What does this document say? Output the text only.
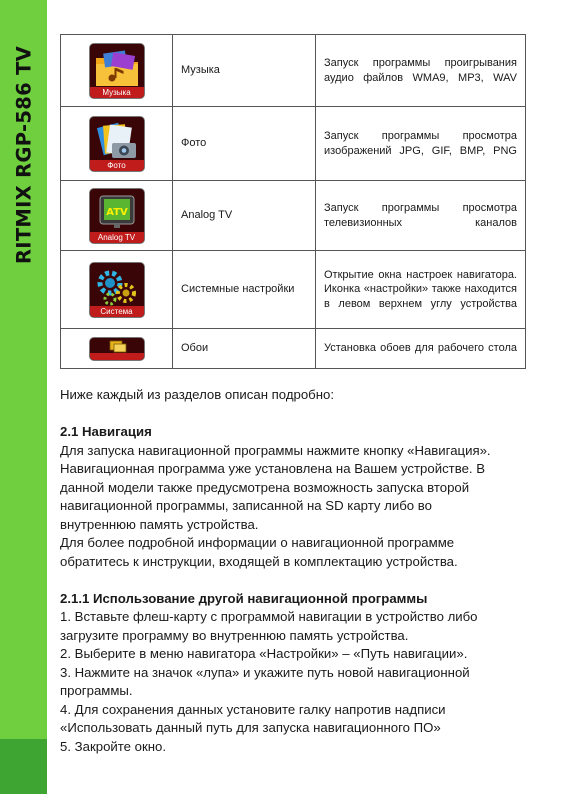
RITMIX RGP-586 TV	Музыка	Музыка	Запуск программы проигрывания аудио файлов WMA9, MP3, WAV

Фото	Фото	Запуск программы просмотра изображений JPG, GIF, BMP, PNG

ATV
Analog TV	Analog TV	Запуск программы просмотра телевизионных каналов

Система	Системные настройки	Открытие окна настроек навигатора. Иконка «настройки» также находится в левом верхнем углу устройства

	Обои	Установка обоев для рабочего стола

Ниже каждый из разделов описан подробно:

2.1 Навигация

Для запуска навигационной программы нажмите кнопку «Навигация».

Навигационная программа уже установлена на Вашем устройстве. В

данной модели также предусмотрена возможность запуска второй

навигационной программы, записанной на SD карту либо во

внутреннюю память устройства.

Для более подробной информации о навигационной программе

обратитесь к инструкции, входящей в комплектацию устройства.

2.1.1 Использование другой навигационной программы

1. Вставьте флеш-карту с программой навигации в устройство либо

загрузите программу во внутреннюю память устройства.

2. Выберите в меню навигатора «Настройки» – «Путь навигации».

3. Нажмите на значок «лупа» и укажите путь новой навигационной

программы.

4. Для сохранения данных установите галку напротив надписи

«Использовать данный путь для запуска навигационного ПО»

5. Закройте окно.
